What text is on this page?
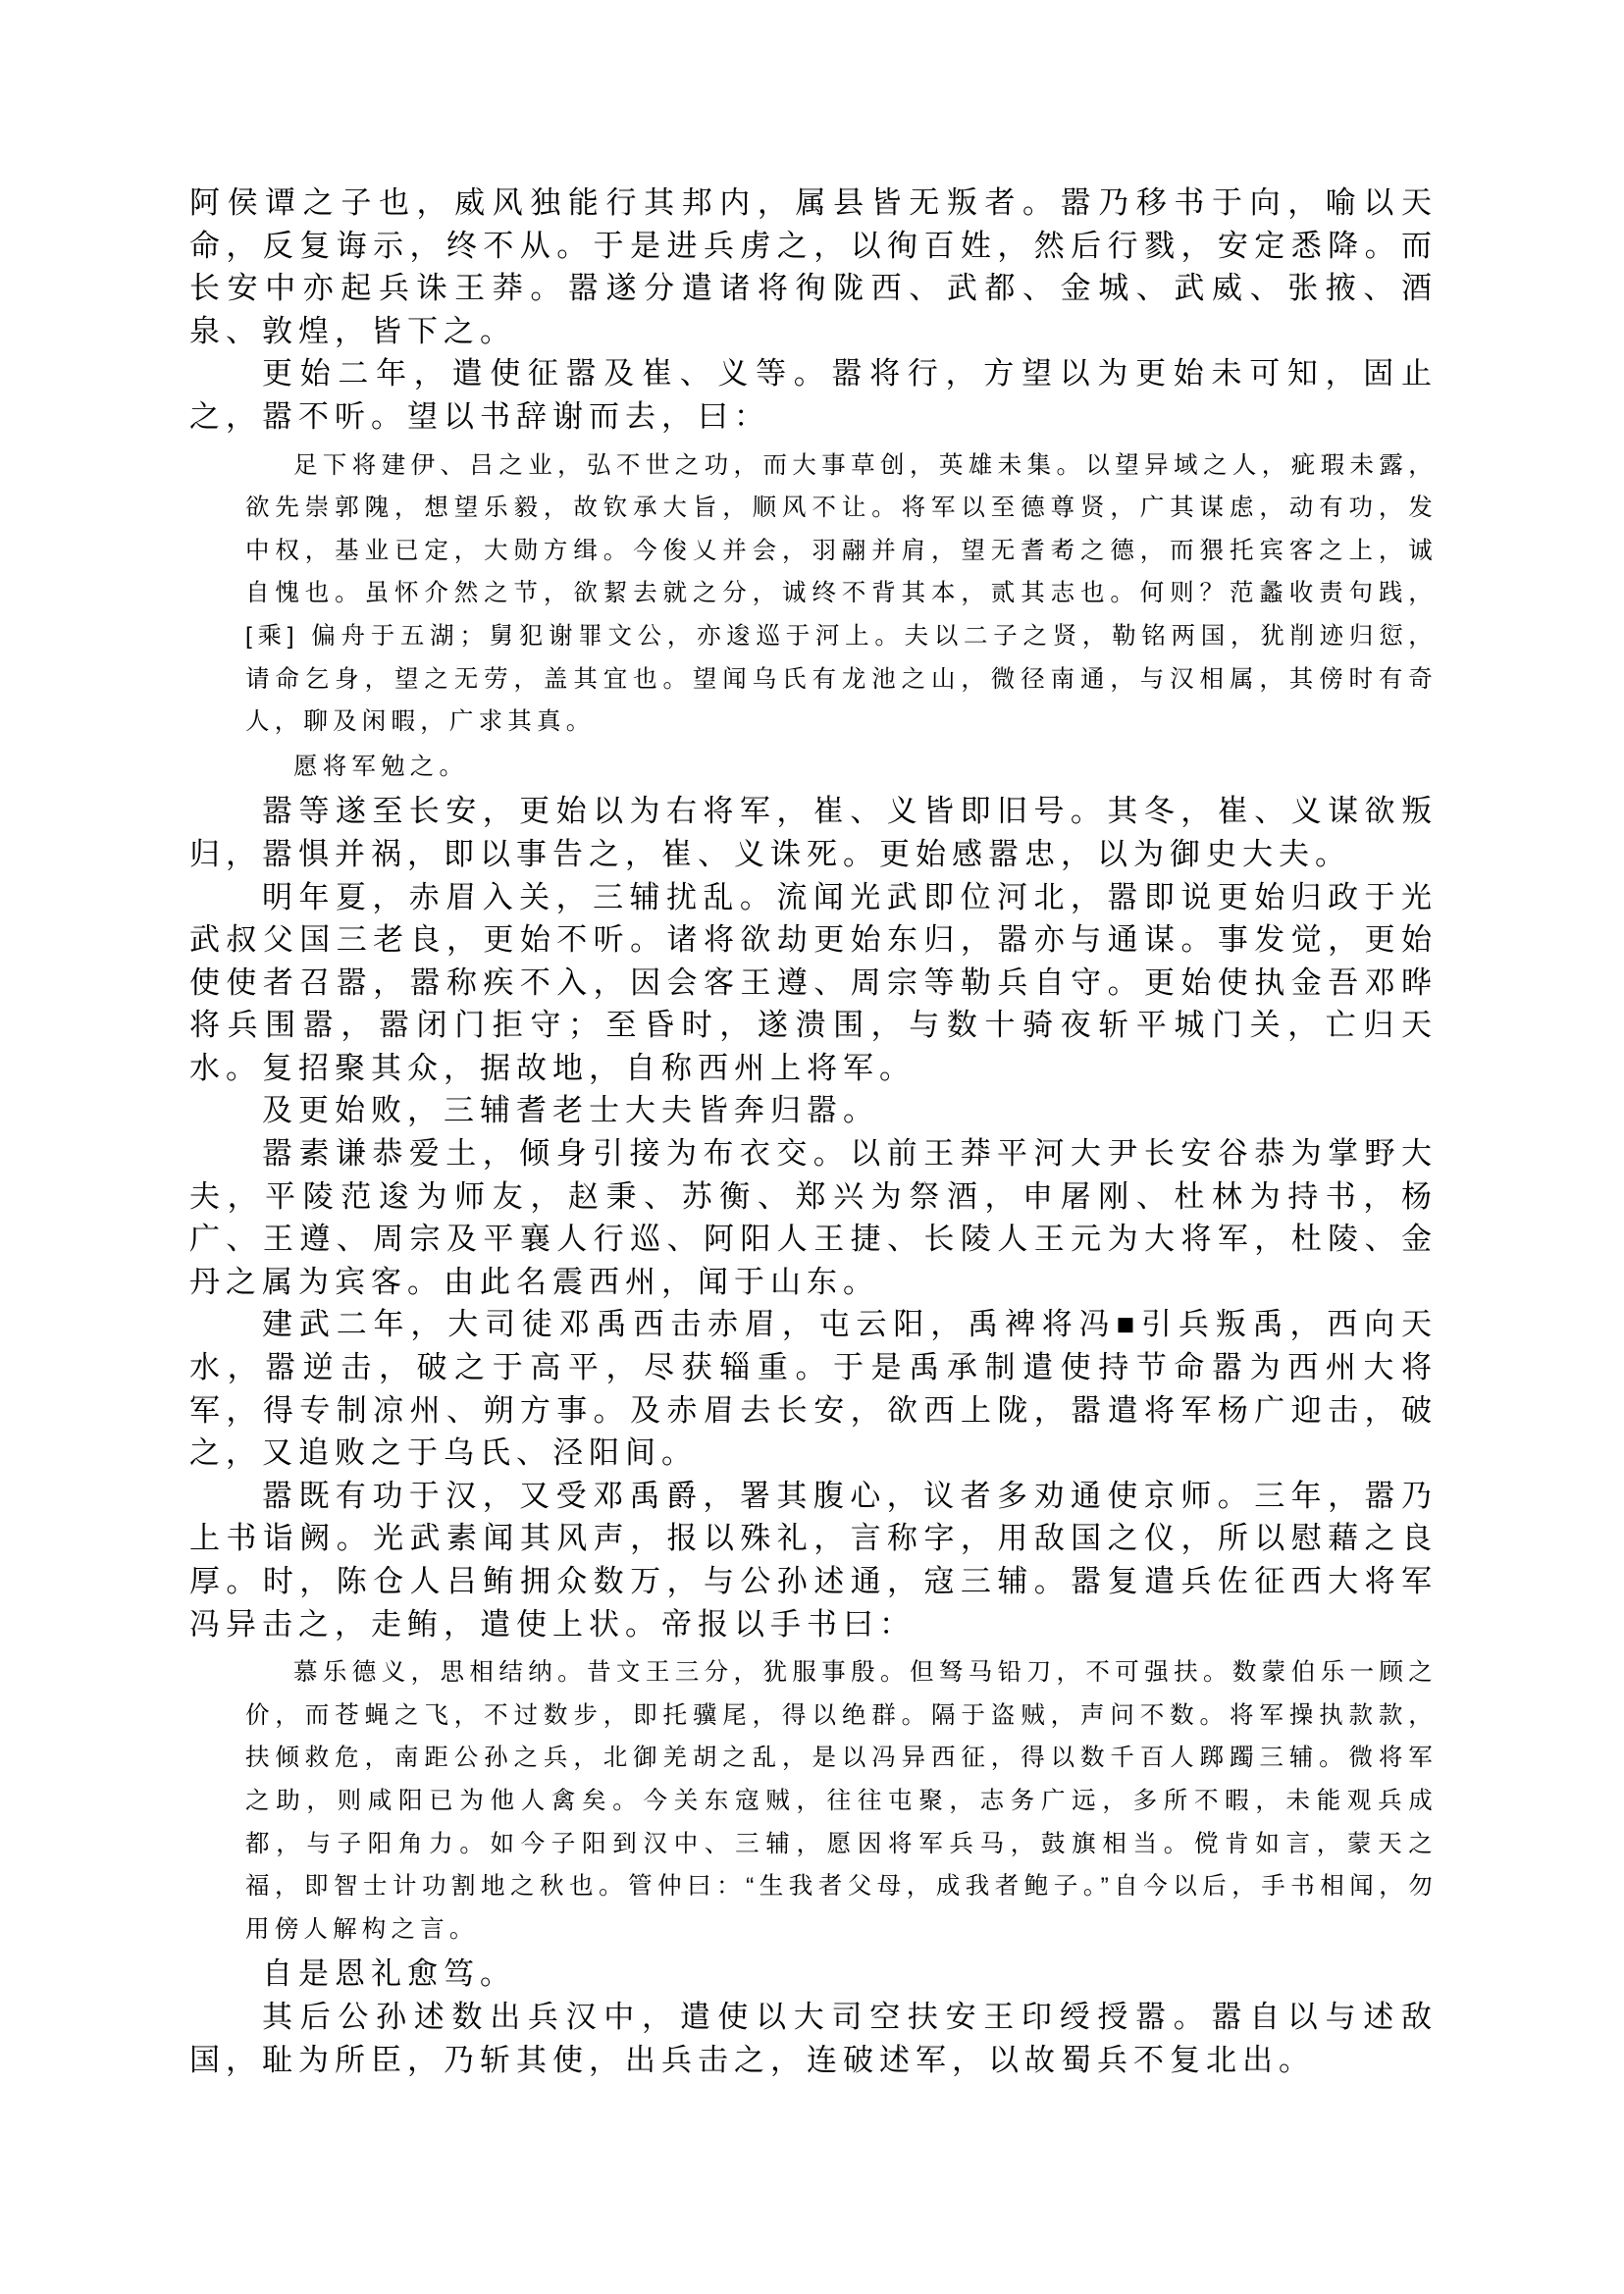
阿侯谭之子也，威风独能行其邦内，属县皆无叛者。嚣乃移书于向，喻以天命，反复诲示，终不从。于是进兵虏之，以徇百姓，然后行戮，安定悉降。而长安中亦起兵诛王莽。嚣遂分遣诸将徇陇西、武都、金城、武威、张掖、酒泉、敦煌，皆下之。

更始二年，遣使征嚣及崔、义等。嚣将行，方望以为更始未可知，固止之，嚣不听。望以书辞谢而去，曰：

足下将建伊、吕之业，弘不世之功，而大事草创，英雄未集。以望异域之人，疵瑕未露，欲先崇郭隗，想望乐毅，故钦承大旨，顺风不让。将军以至德尊贤，广其谋虑，动有功，发中权，基业已定，大勋方缉。今俊乂并会，羽翮并肩，望无耆耇之德，而猥托宾客之上，诚自愧也。虽怀介然之节，欲絜去就之分，诚终不背其本，贰其志也。何则？范蠡收责句践，[乘] 偏舟于五湖；舅犯谢罪文公，亦逡巡于河上。夫以二子之贤，勒铭两国，犹削迹归愆，请命乞身，望之无劳，盖其宜也。望闻乌氏有龙池之山，微径南通，与汉相属，其傍时有奇人，聊及闲暇，广求其真。

愿将军勉之。

嚣等遂至长安，更始以为右将军，崔、义皆即旧号。其冬，崔、义谋欲叛归，嚣惧并祸，即以事告之，崔、义诛死。更始感嚣忠，以为御史大夫。

明年夏，赤眉入关，三辅扰乱。流闻光武即位河北，嚣即说更始归政于光武叔父国三老良，更始不听。诸将欲劫更始东归，嚣亦与通谋。事发觉，更始使使者召嚣，嚣称疾不入，因会客王遵、周宗等勒兵自守。更始使执金吾邓晔将兵围嚣，嚣闭门拒守；至昏时，遂溃围，与数十骑夜斩平城门关，亡归天水。复招聚其众，据故地，自称西州上将军。

及更始败，三辅耆老士大夫皆奔归嚣。

嚣素谦恭爱土，倾身引接为布衣交。以前王莽平河大尹长安谷恭为掌野大夫，平陵范逡为师友，赵秉、苏衡、郑兴为祭酒，申屠刚、杜林为持书，杨广、王遵、周宗及平襄人行巡、阿阳人王捷、长陵人王元为大将军，杜陵、金丹之属为宾客。由此名震西州，闻于山东。

建武二年，大司徒邓禹西击赤眉，屯云阳，禹裨将冯■引兵叛禹，西向天水，嚣逆击，破之于高平，尽获辎重。于是禹承制遣使持节命嚣为西州大将军，得专制凉州、朔方事。及赤眉去长安，欲西上陇，嚣遣将军杨广迎击，破之，又追败之于乌氏、泾阳间。

嚣既有功于汉，又受邓禹爵，署其腹心，议者多劝通使京师。三年，嚣乃上书诣阙。光武素闻其风声，报以殊礼，言称字，用敌国之仪，所以慰藉之良厚。时，陈仓人吕鲔拥众数万，与公孙述通，寇三辅。嚣复遣兵佐征西大将军冯异击之，走鲔，遣使上状。帝报以手书曰：

慕乐德义，思相结纳。昔文王三分，犹服事殷。但驽马铅刀，不可强扶。数蒙伯乐一顾之价，而苍蝇之飞，不过数步，即托骥尾，得以绝群。隔于盗贼，声问不数。将军操执款款，扶倾救危，南距公孙之兵，北御羌胡之乱，是以冯异西征，得以数千百人踯躅三辅。微将军之助，则咸阳已为他人禽矣。今关东寇贼，往往屯聚，志务广远，多所不暇，未能观兵成都，与子阳角力。如今子阳到汉中、三辅，愿因将军兵马，鼓旗相当。傥肯如言，蒙天之福，即智士计功割地之秋也。管仲曰：“生我者父母，成我者鲍子。”自今以后，手书相闻，勿用傍人解构之言。

自是恩礼愈笃。

其后公孙述数出兵汉中，遣使以大司空扶安王印绶授嚣。嚣自以与述敌国，耻为所臣，乃斩其使，出兵击之，连破述军，以故蜀兵不复北出。
